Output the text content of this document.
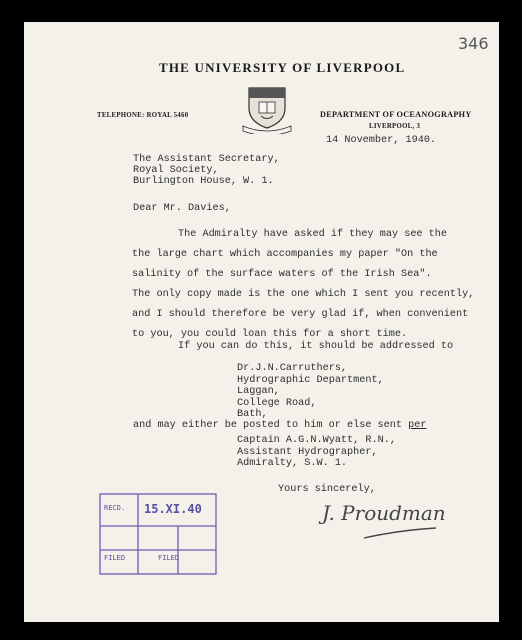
346
THE UNIVERSITY OF LIVERPOOL
TELEPHONE: ROYAL 5460	DEPARTMENT OF OCEANOGRAPHY
LIVERPOOL, 3
14 November, 1940.
The Assistant Secretary,
Royal Society,
Burlington House, W. 1.
Dear Mr. Davies,
The Admiralty have asked if they may see the
the large chart which accompanies my paper "On the
salinity of the surface waters of the Irish Sea".
The only copy made is the one which I sent you recently,
and I should therefore be very glad if, when convenient
to you, you could loan this for a short time.
If you can do this, it should be addressed to
Dr.J.N.Carruthers,
Hydrographic Department,
Laggan,
College Road,
Bath,
and may either be posted to him or else sent per
Captain A.G.N.Wyatt, R.N.,
Assistant Hydrographer,
Admiralty, S.W. 1.
Yours sincerely,
J. Proudman
RECD. 15.XI.40
FILED	FILED
